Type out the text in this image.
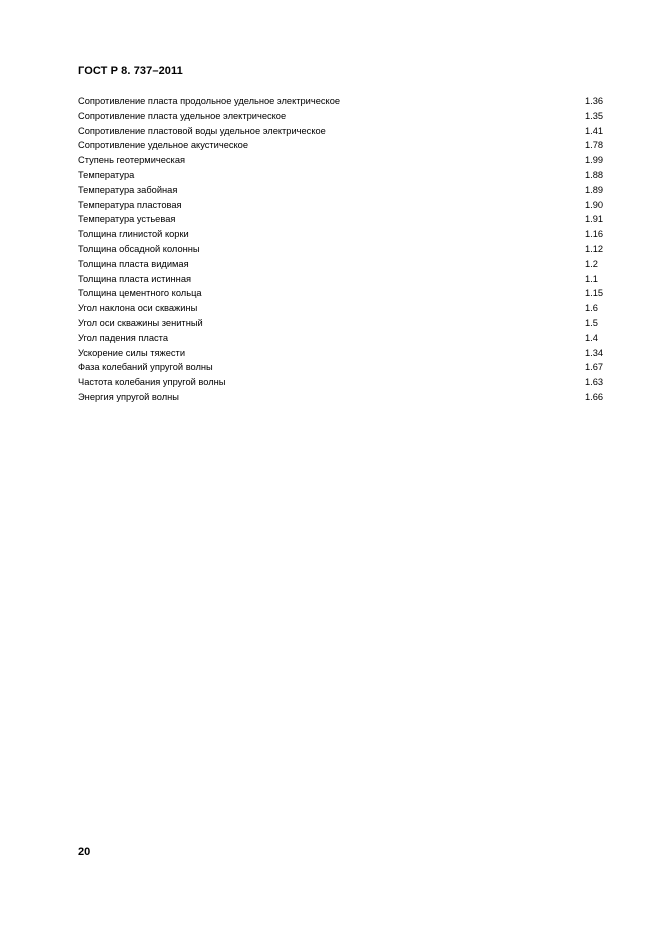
ГОСТ Р 8. 737–2011
Сопротивление пласта продольное удельное электрическое	1.36
Сопротивление пласта удельное электрическое	1.35
Сопротивление пластовой воды удельное электрическое	1.41
Сопротивление удельное акустическое	1.78
Ступень геотермическая	1.99
Температура	1.88
Температура забойная	1.89
Температура пластовая	1.90
Температура устьевая	1.91
Толщина глинистой корки	1.16
Толщина обсадной колонны	1.12
Толщина пласта видимая	1.2
Толщина пласта истинная	1.1
Толщина цементного кольца	1.15
Угол наклона оси скважины	1.6
Угол оси скважины зенитный	1.5
Угол падения пласта	1.4
Ускорение силы тяжести	1.34
Фаза колебаний упругой волны	1.67
Частота колебания упругой волны	1.63
Энергия упругой волны	1.66
20
